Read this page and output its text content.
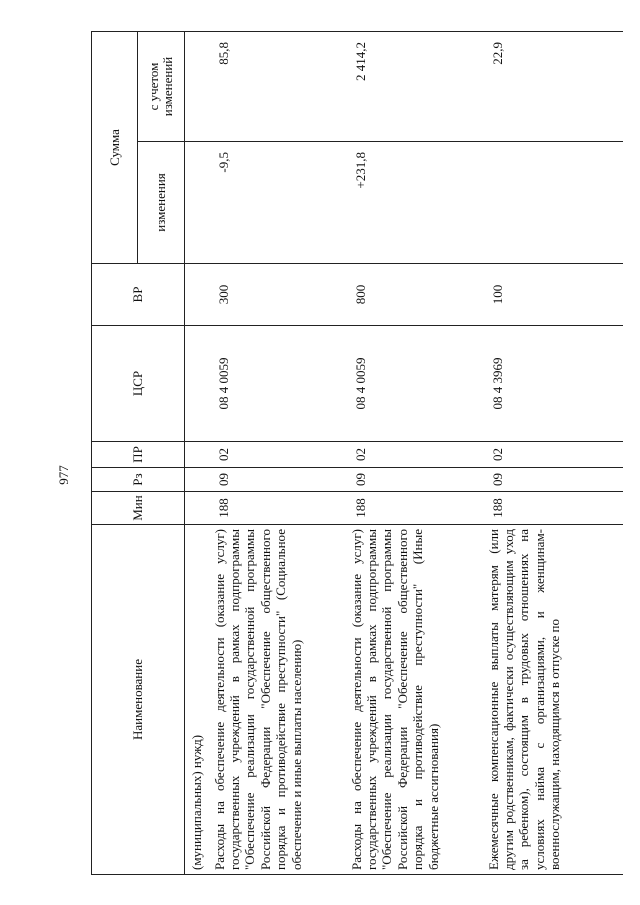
977
Наименование	Мин	Рз	ПР	ЦСР	ВР	Сумма	
						изменения	с учетом изменений
(муниципальных) нужд)							
Расходы на обеспечение деятельности (оказание услуг) государственных учреждений в рамках подпрограммы "Обеспечение реализации государственной программы Российской Федерации "Обеспечение общественного порядка и противодействие преступности" (Социальное обеспечение и иные выплаты населению)	188	09	02	08 4 0059	300	-9,5	85,8
Расходы на обеспечение деятельности (оказание услуг) государственных учреждений в рамках подпрограммы "Обеспечение реализации государственной программы Российской Федерации "Обеспечение общественного порядка и противодействие преступности" (Иные бюджетные ассигнования)	188	09	02	08 4 0059	800	+231,8	2 414,2
Ежемесячные компенсационные выплаты матерям (или другим родственникам, фактически осуществляющим уход за ребенком), состоящим в трудовых отношениях на условиях найма с организациями, и женщинам-военнослужащим, находящимся в отпуске по	188	09	02	08 4 3969	100		22,9
